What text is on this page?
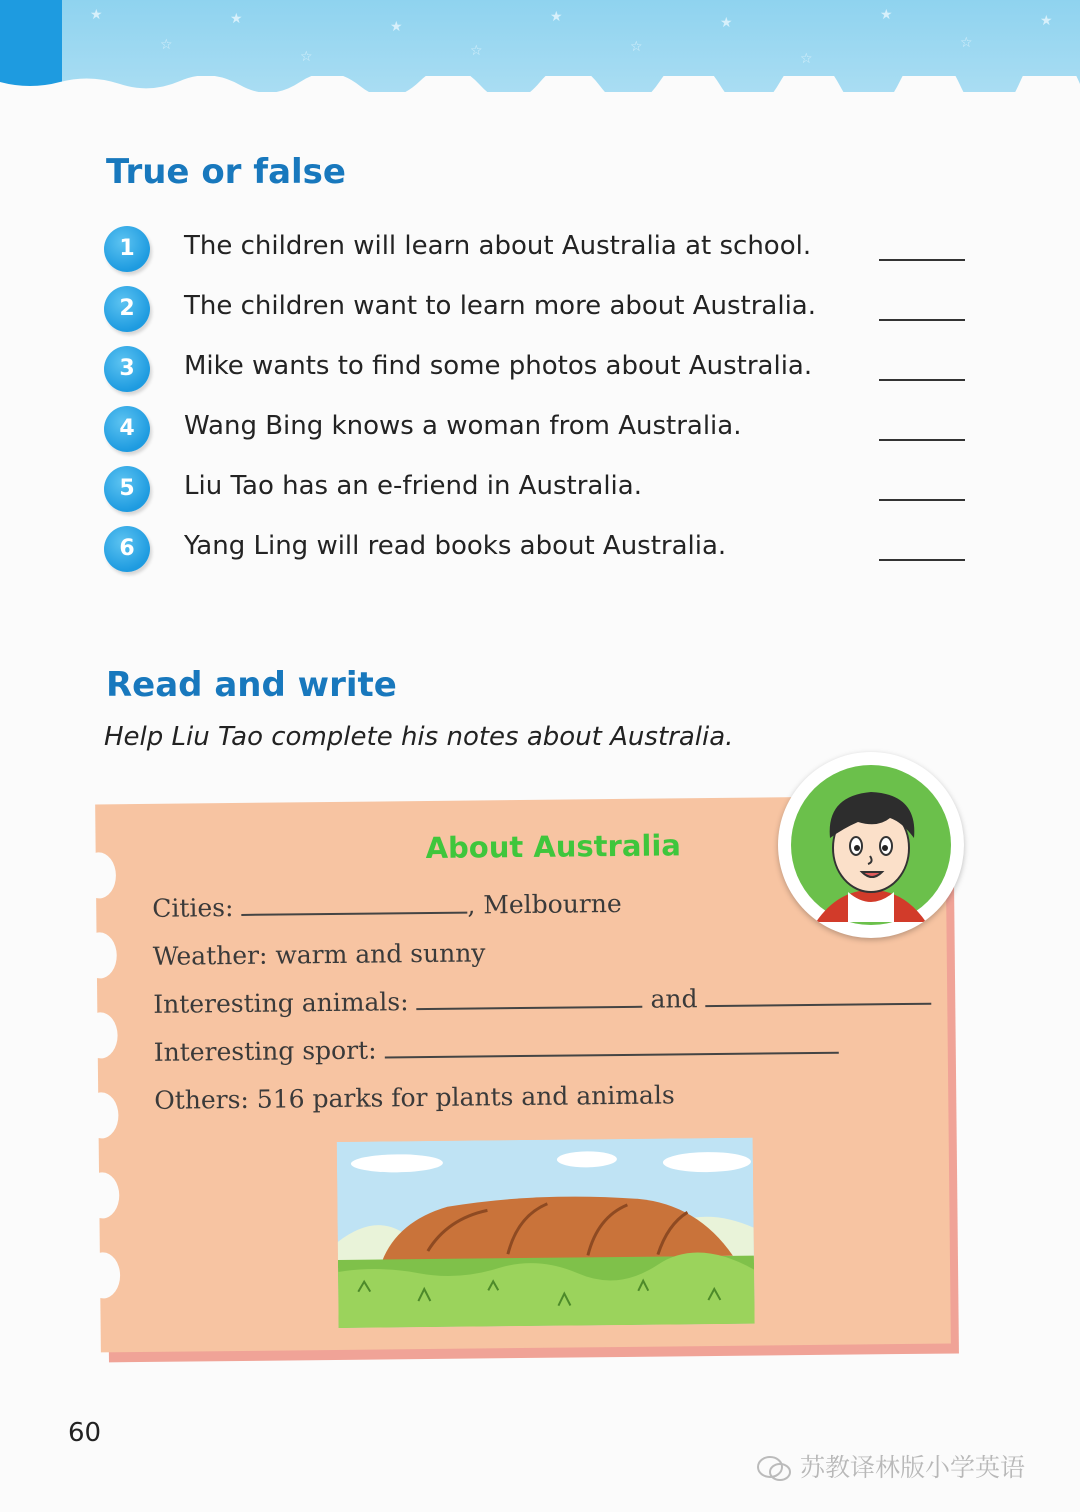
★
☆
★
☆
★
☆
★
☆
★
☆
★
☆
★
True or false
1	The children will learn about Australia at school.
2	The children want to learn more about Australia.
3	Mike wants to find some photos about Australia.
4	Wang Bing knows a woman from Australia.
5	Liu Tao has an e-friend in Australia.
6	Yang Ling will read books about Australia.
Read and write

Help Liu Tao complete his notes about Australia.

About Australia

Cities:	, Melbourne
Weather: warm and sunny
Interesting animals:	and
Interesting sport:
Others: 516 parks for plants and animals

60

苏教译林版小学英语
